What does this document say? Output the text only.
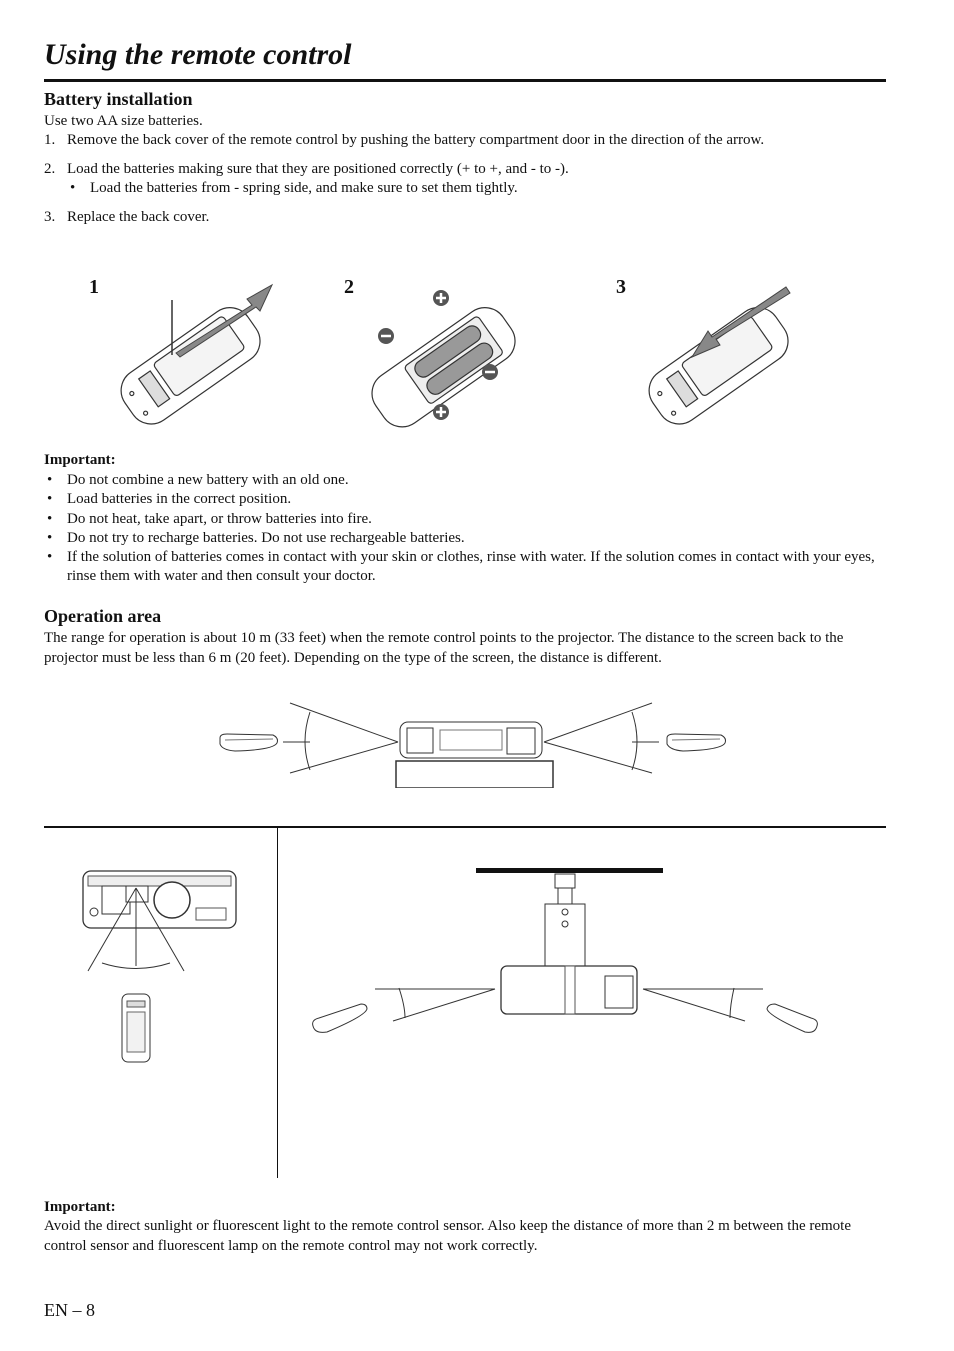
Using the remote control
Battery installation

Use two AA size batteries.

1. Remove the back cover of the remote control by pushing the battery compartment door in the direction of the arrow.
2. Load the batteries making sure that they are positioned correctly (+ to +, and - to -).
• Load the batteries from - spring side, and make sure to set them tightly.
3. Replace the back cover.
1	2	3

Important:

• Do not combine a new battery with an old one.
• Load batteries in the correct position.
• Do not heat, take apart, or throw batteries into fire.
• Do not try to recharge batteries. Do not use rechargeable batteries.
• If the solution of batteries comes in contact with your skin or clothes, rinse with water. If the solution comes in contact with your eyes, rinse them with water and then consult your doctor.
Operation area

The range for operation is about 10 m (33 feet) when the remote control points to the projector. The distance to the screen back to the projector must be less than 6 m (20 feet). Depending on the type of the screen, the distance is different.

Important:

Avoid the direct sunlight or fluorescent light to the remote control sensor. Also keep the distance of more than 2 m between the remote control sensor and fluorescent lamp on the remote control may not work correctly.

EN – 8
